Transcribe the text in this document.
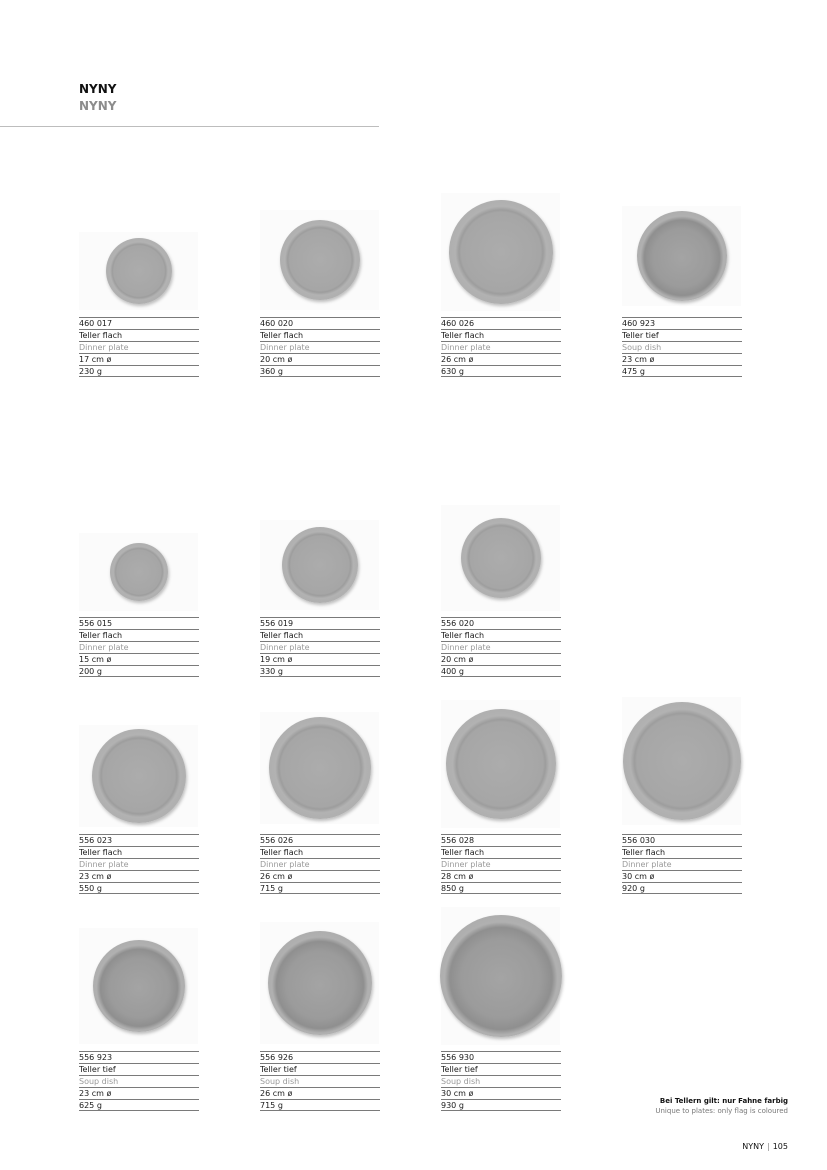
NYNY
NYNY
460 017
Teller flach
Dinner plate
17 cm ø
230 g
460 020
Teller flach
Dinner plate
20 cm ø
360 g
460 026
Teller flach
Dinner plate
26 cm ø
630 g
460 923
Teller tief
Soup dish
23 cm ø
475 g
556 015
Teller flach
Dinner plate
15 cm ø
200 g
556 019
Teller flach
Dinner plate
19 cm ø
330 g
556 020
Teller flach
Dinner plate
20 cm ø
400 g
556 023
Teller flach
Dinner plate
23 cm ø
550 g
556 026
Teller flach
Dinner plate
26 cm ø
715 g
556 028
Teller flach
Dinner plate
28 cm ø
850 g
556 030
Teller flach
Dinner plate
30 cm ø
920 g
556 923
Teller tief
Soup dish
23 cm ø
625 g
556 926
Teller tief
Soup dish
26 cm ø
715 g
556 930
Teller tief
Soup dish
30 cm ø
930 g	Bei Tellern gilt: nur Fahne farbig
Unique to plates: only flag is coloured
NYNY | 105
